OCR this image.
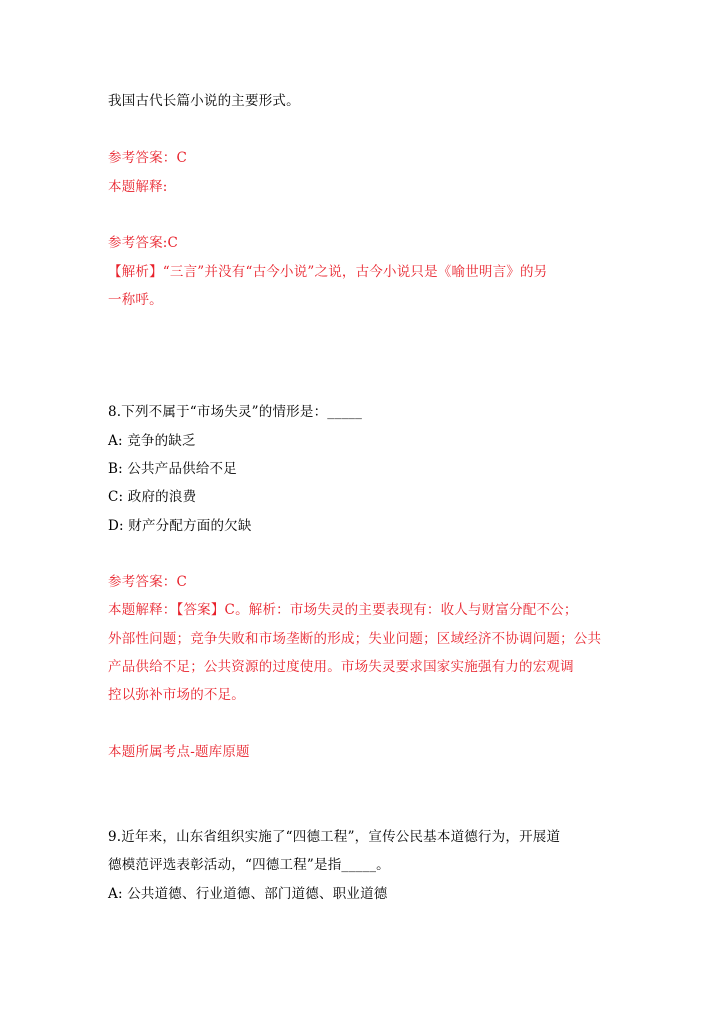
我国古代长篇小说的主要形式。

参考答案：C

本题解释:

参考答案:C

【解析】“三言”并没有“古今小说”之说，古今小说只是《喻世明言》的另

一称呼。

8.下列不属于“市场失灵”的情形是：_____

A: 竞争的缺乏

B: 公共产品供给不足

C: 政府的浪费

D: 财产分配方面的欠缺

参考答案：C

本题解释：【答案】C。解析：市场失灵的主要表现有：收人与财富分配不公；

外部性问题；竞争失败和市场垄断的形成；失业问题；区域经济不协调问题；公共

产品供给不足；公共资源的过度使用。市场失灵要求国家实施强有力的宏观调

控以弥补市场的不足。

本题所属考点-题库原题

9.近年来，山东省组织实施了“四德工程”，宣传公民基本道德行为，开展道

德模范评选表彰活动，“四德工程”是指_____。

A: 公共道德、行业道德、部门道德、职业道德
